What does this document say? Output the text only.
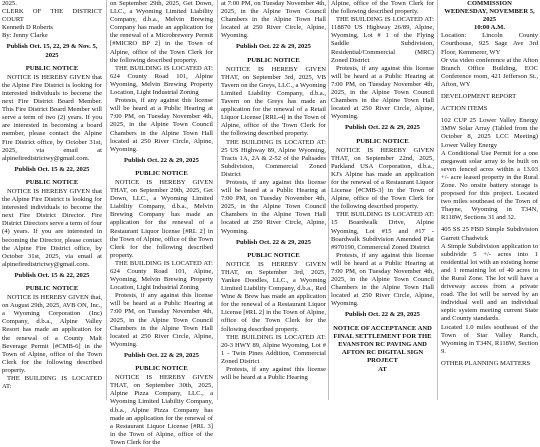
2025.

CLERK OF THE DISTRICT COURT

Kenneth D Roberts

By: Jenny Clarke

Publish Oct. 15, 22, 29 & Nov. 5, 2025

PUBLIC NOTICE

NOTICE IS HEREBY GIVEN that the Alpine Fire District is looking for interested individuals to become the next Fire District Board Member. This Fire District Board Member will serve a term of two (2) years. If you are interested in becoming a board member, please contact the Alpine Fire District office, by October 31st, 2025, via email at alpinefiredistrictwy@gmail.com.

Publish Oct. 15 & 22, 2025

PUBLIC NOTICE

NOTICE IS HEREBY GIVEN that the Alpine Fire District is looking for interested individuals to become the next Fire District Director. Fire District Directors serve a term of four (4) years. If you are interested in becoming the Director, please contact the Alpine Fire District office, by October 31st, 2025, via email at alpinefiredistrictwy@gmail.com.

Publish Oct. 15 & 22, 2025

PUBLIC NOTICE

NOTICE IS HEREBY GIVEN that, on August 29th, 2025, AVB ON, Inc., a Wyoming Corporation (Inc) Company, d.b.a., Alpine Valley Resort has made an application for the renewal of a County Malt Beverage Permit [#CMB-6] in the Town of Alpine, office of the Town Clerk for the following described property.

THE BUILDING IS LOCATED AT:

on September 29th, 2025, Get Down, LLC., a Wyoming Limited Liability Company, d.b.a., Melvin Brewing Company has made an application for the renewal of a Microbrewery Permit [#MICRO BP 2] in the Town of Alpine, office of the Town Clerk for the following described property.

THE BUILDING IS LOCATED AT: 624 County Road 101, Alpine Wyoming, Melvin Brewing Property Location, Light Industrial Zoning

Protests, if any against this license will be heard at a Public Hearing at 7:00 PM, on Tuesday November 4th, 2025, in the Alpine Town Council Chambers in the Alpine Town Hall located at 250 River Circle, Alpine, Wyoming.

Publish Oct. 22 & 29, 2025

PUBLIC NOTICE

NOTICE IS HEREBY GIVEN THAT, on September 29th, 2025, Get Down, LLC., a Wyoming Limited Liability Company, d.b.a., Melvin Brewing Company has made an application for the renewal of a Restaurant Liquor license [#RL 2] in the Town of Alpine, office of the Town Clerk for the following described property.

THE BUILDING IS LOCATED AT: 624 County Road 101, Alpine, Wyoming, Melvin Brewing Property Location, Light Industrial Zoning

Protests, if any against this license will be heard at a Public Hearing at 7:00 PM, on Tuesday November 4th, 2025, in the Alpine Town Council Chambers in the Alpine Town Hall located at 250 River Circle, Alpine, Wyoming.

Publish Oct. 22 & 29, 2025

PUBLIC NOTICE

NOTICE IS HEREBY GIVEN THAT, on September 30th, 2025, Alpine Pizza Company, LLC., a Wyoming Limited Liability Company, d.b.a., Alpine Pizza Company has made an application for the renewal of a Restaurant Liquor License [#RL 3] in the Town of Alpine, office of the Town Clerk for the

at 7:00 PM, on Tuesday November 4th, 2025, in the Alpine Town Council Chambers in the Alpine Town Hall located at 250 River Circle, Alpine, Wyoming.

Publish Oct. 22 & 29, 2025

PUBLIC NOTICE

NOTICE IS HEREBY GIVEN THAT, on September 3rd, 2025, VB Tavern on the Greys, LLC., a Wyoming Limited Liability Company, d.b.a., Tavern on the Greys has made an application for the renewal of a Retail Liquor License [RRL-4] in the Town of Alpine, office of the Town Clerk for the following described property.

THE BUILDING IS LOCATED AT: 25 US Highway 89, Alpine Wyoming, Tracts 1A, 2A & 2-52 of the Palisades Subdivision, Commercial Zoned District

Protests, if any against this license will be heard at a Public Hearing at 7:00 PM, on Tuesday November 4th, 2025, in the Alpine Town Council Chambers in the Alpine Town Hall located at 250 River Circle, Alpine, Wyoming.

Publish Oct. 22 & 29, 2025

PUBLIC NOTICE

NOTICE IS HEREBY GIVEN THAT, on September 3rd, 2025, Yankee Doodles, LLC., a Wyoming Limited Liability Company, d.b.a., Red Wine & Brew has made an application for the renewal of a Restaurant Liquor License [#RL 2] in the Town of Alpine, office of the Town Clerk for the following described property.

THE BUILDING IS LOCATED AT: 20-3 HWY 89, Alpine Wyoming, Lot # 1 - Twin Pines Addition, Commercial Zoned District

Protests, if any against this license will be heard at a Public Hearing

Alpine, office of the Town Clerk for the following described property.

THE BUILDING IS LOCATED AT: 118870 US Highway 26/89, Alpine, Wyoming, Lot # 1 of the Flying Saddle Subdivision, Residential/Commercial (MRC) Zoned District

Protests, if any against this license will be heard at a Public Hearing at 7:00 PM, on Tuesday November 4th, 2025, in the Alpine Town Council Chambers in the Alpine Town Hall located at 250 River Circle, Alpine, Wyoming.

Publish Oct. 22 & 29, 2025

PUBLIC NOTICE

NOTICE IS HEREBY GIVEN THAT, on September 22nd, 2025, Parkland USA Corporation, d.b.a., KJ's Alpine has made an application for the renewal of a Restaurant Liquor License [#CMB-3] in the Town of Alpine, office of the Town Clerk for the following described property.

THE BUILDING IS LOCATED AT: 15 Boardwalk Drive, Alpine Wyoming, Lot #15 and #17 - Boardwalk Subdivision Amended Plat #970190, Commercial Zoned District

Protests, if any against this license will be heard at a Public Hearing at 7:00 PM, on Tuesday November 4th, 2025, in the Alpine Town Council Chambers in the Alpine Town Hall located at 250 River Circle, Alpine, Wyoming.

Publish Oct. 22 & 29, 2025

NOTICE OF ACCEPTANCE AND FINAL SETTLEMENT FOR THE EVANSTON RC PAVING AND AFTON RC DIGITAL SIGN PROJECT

AT

COMMISSION

WEDNESDAY, NOVEMBER 5, 2025

10:00 A.M.

Location: Lincoln County Courthouse, 925 Sage Ave 3rd Floor, Kemmerer, WY

Or via video conference at the Afton Branch Office Building, EOC Conference room, 421 Jefferson St., Afton, WY

DEVELOPMENT REPORT

ACTION ITEMS

102 CUP 25 Lower Valley Energy 3MW Solar Array (Tabled from the October 8, 2025 LCC Meeting) Lower Valley Energy

A Conditional Use Permit for a one megawatt solar array to be built on seven fenced acres within a 13.03 +/- acre leased property in the Rural Zone. No onsite battery storage is proposed for this project. Located two miles southeast of the Town of Thayne, Wyoming in T34N, R118W, Sections 31 and 32.

405 SS 25 FBD Simple Subdivision Garrett Chadwick

A Simple Subdivision application to subdivide 5 +/- acres into 1 residential lot with an existing home and 1 remaining lot of 40 acres in the Rural Zone. The lot will have a driveway access from a private road. The lot will be served by an individual well and an individual septic system meeting current State and County standards.

Located 1.0 miles southeast of the Town of Star Valley Ranch, Wyoming in T34N, R118W, Section 9.

OTHER PLANNING MATTERS
